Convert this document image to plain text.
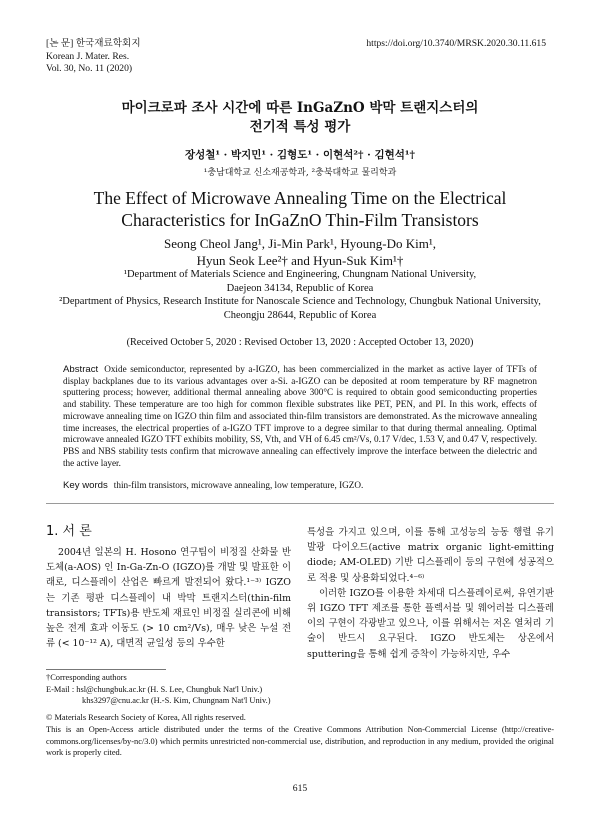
[논 문] 한국재료학회지
Korean J. Mater. Res.
Vol. 30, No. 11 (2020)
https://doi.org/10.3740/MRSK.2020.30.11.615
마이크로파 조사 시간에 따른 InGaZnO 박막 트랜지스터의
전기적 특성 평가
장성철¹ · 박지민¹ · 김형도¹ · 이현석²† · 김현석¹†
¹충남대학교 신소재공학과, ²충북대학교 물리학과
The Effect of Microwave Annealing Time on the Electrical
Characteristics for InGaZnO Thin-Film Transistors
Seong Cheol Jang¹, Ji-Min Park¹, Hyoung-Do Kim¹,
Hyun Seok Lee²† and Hyun-Suk Kim¹†
¹Department of Materials Science and Engineering, Chungnam National University,
Daejeon 34134, Republic of Korea
²Department of Physics, Research Institute for Nanoscale Science and Technology, Chungbuk National University,
Cheongju 28644, Republic of Korea
(Received October 5, 2020 : Revised October 13, 2020 : Accepted October 13, 2020)
Abstract Oxide semiconductor, represented by a-IGZO, has been commercialized in the market as active layer of TFTs of display backplanes due to its various advantages over a-Si. a-IGZO can be deposited at room temperature by RF magnetron sputtering process; however, additional thermal annealing above 300°C is required to obtain good semiconducting properties and stability. These temperature are too high for common flexible substrates like PET, PEN, and PI. In this work, effects of microwave annealing time on IGZO thin film and associated thin-film transistors are demonstrated. As the microwave annealing time increases, the electrical properties of a-IGZO TFT improve to a degree similar to that during thermal annealing. Optimal microwave annealed IGZO TFT exhibits mobility, SS, Vth, and VH of 6.45 cm²/Vs, 0.17 V/dec, 1.53 V, and 0.47 V, respectively. PBS and NBS stability tests confirm that microwave annealing can effectively improve the interface between the dielectric and the active layer.
Key words thin-film transistors, microwave annealing, low temperature, IGZO.
1. 서 론

2004년 일본의 H. Hosono 연구팀이 비정질 산화물 반도체(a-AOS) 인 In-Ga-Zn-O (IGZO)를 개발 및 발표한 이래로, 디스플레이 산업은 빠르게 발전되어 왔다.¹⁻³⁾ IGZO는 기존 평판 디스플레이 내 박막 트랜지스터(thin-film transistors; TFTs)용 반도체 재료인 비정질 실리콘에 비해 높은 전계 효과 이동도 (> 10 cm²/Vs), 매우 낮은 누설 전류 (< 10⁻¹² A), 대면적 균일성 등의 우수한

특성을 가지고 있으며, 이를 통해 고성능의 능동 행렬 유기 발광 다이오드(active matrix organic light-emitting diode; AM-OLED) 기반 디스플레이 등의 구현에 성공적으로 적용 및 상용화되었다.⁴⁻⁶⁾

이러한 IGZO를 이용한 차세대 디스플레이로써, 유연기판 위 IGZO TFT 제조를 통한 플렉서블 및 웨어러블 디스플레이의 구현이 각광받고 있으나, 이를 위해서는 저온 열처리 기술이 반드시 요구된다. IGZO 반도체는 상온에서 sputtering을 통해 쉽게 증착이 가능하지만, 우수

†Corresponding authors
E-Mail : hsl@chungbuk.ac.kr (H. S. Lee, Chungbuk Nat'l Univ.)
khs3297@cnu.ac.kr (H.-S. Kim, Chungnam Nat'l Univ.)
© Materials Research Society of Korea, All rights reserved.
This is an Open-Access article distributed under the terms of the Creative Commons Attribution Non-Commercial License (http://creative-commons.org/licenses/by-nc/3.0) which permits unrestricted non-commercial use, distribution, and reproduction in any medium, provided the original work is properly cited.
615
